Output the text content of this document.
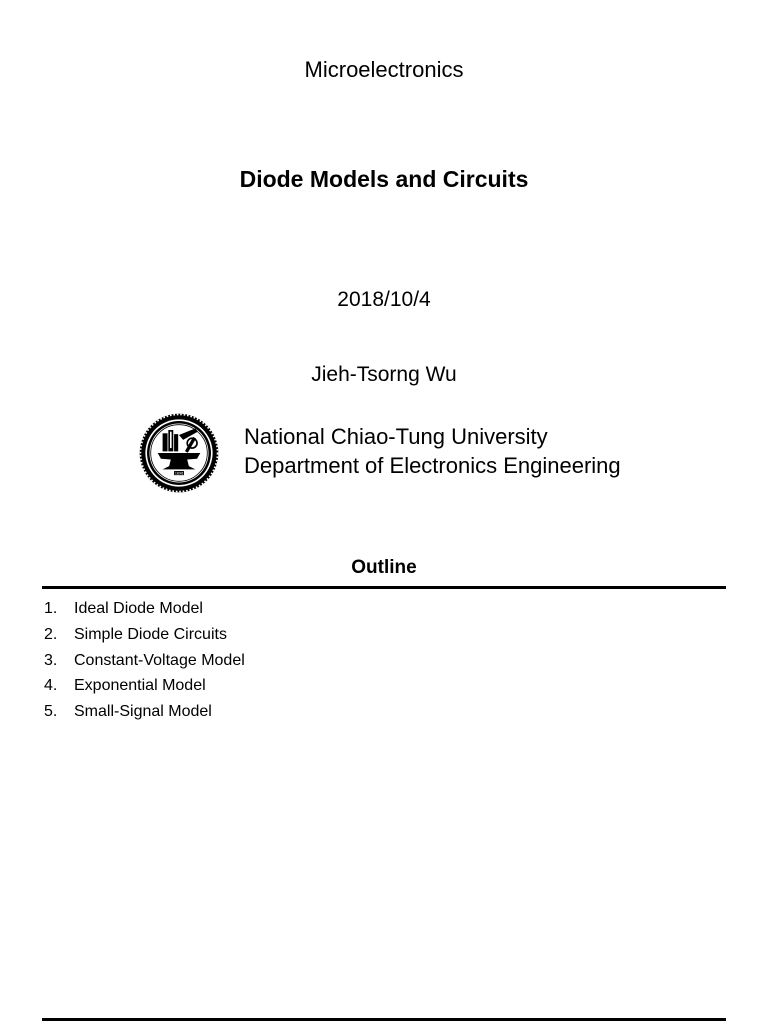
Microelectronics
Diode Models and Circuits
2018/10/4
Jieh-Tsorng Wu
1896
National Chiao-Tung University
Department of Electronics Engineering
Outline
1. Ideal Diode Model
2. Simple Diode Circuits
3. Constant-Voltage Model
4. Exponential Model
5. Small-Signal Model
